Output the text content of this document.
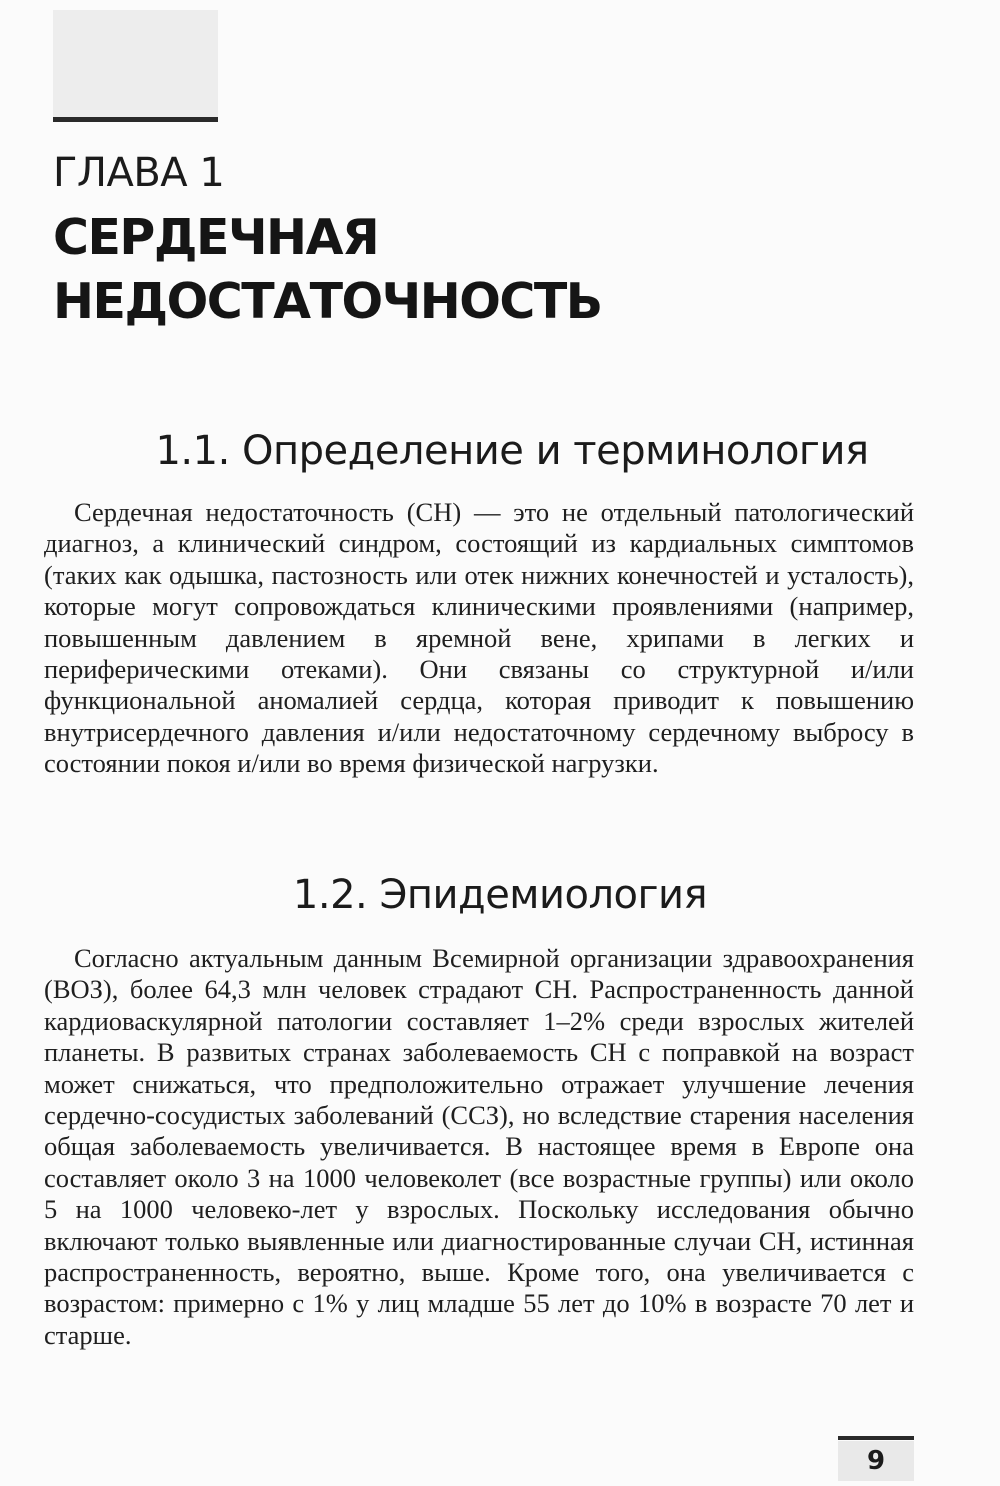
ГЛАВА 1
СЕРДЕЧНАЯ НЕДОСТАТОЧНОСТЬ
1.1. Определение и терминология

Сердечная недостаточность (СН) — это не отдельный патологический диагноз, а клинический синдром, состоящий из кардиальных симптомов (таких как одышка, пастозность или отек нижних конечностей и усталость), которые могут сопровождаться клиническими проявлениями (например, повышенным давлением в яремной вене, хрипами в легких и периферическими отеками). Они связаны со структурной и/или функциональной аномалией сердца, которая приводит к повышению внутрисердечного давления и/или недостаточному сердечному выбросу в состоянии покоя и/или во время физической нагрузки.

1.2. Эпидемиология

Согласно актуальным данным Всемирной организации здравоохранения (ВОЗ), более 64,3 млн человек страдают СН. Распространенность данной кардиоваскулярной патологии составляет 1–2% среди взрослых жителей планеты. В развитых странах заболеваемость СН с поправкой на возраст может снижаться, что предположительно отражает улучшение лечения сердечно-сосудистых заболеваний (ССЗ), но вследствие старения населения общая заболеваемость увеличивается. В настоящее время в Европе она составляет около 3 на 1000 человеколет (все возрастные группы) или около 5 на 1000 человеко-лет у взрослых. Поскольку исследования обычно включают только выявленные или диагностированные случаи СН, истинная распространенность, вероятно, выше. Кроме того, она увеличивается с возрастом: примерно с 1% у лиц младше 55 лет до 10% в возрасте 70 лет и старше.

9
